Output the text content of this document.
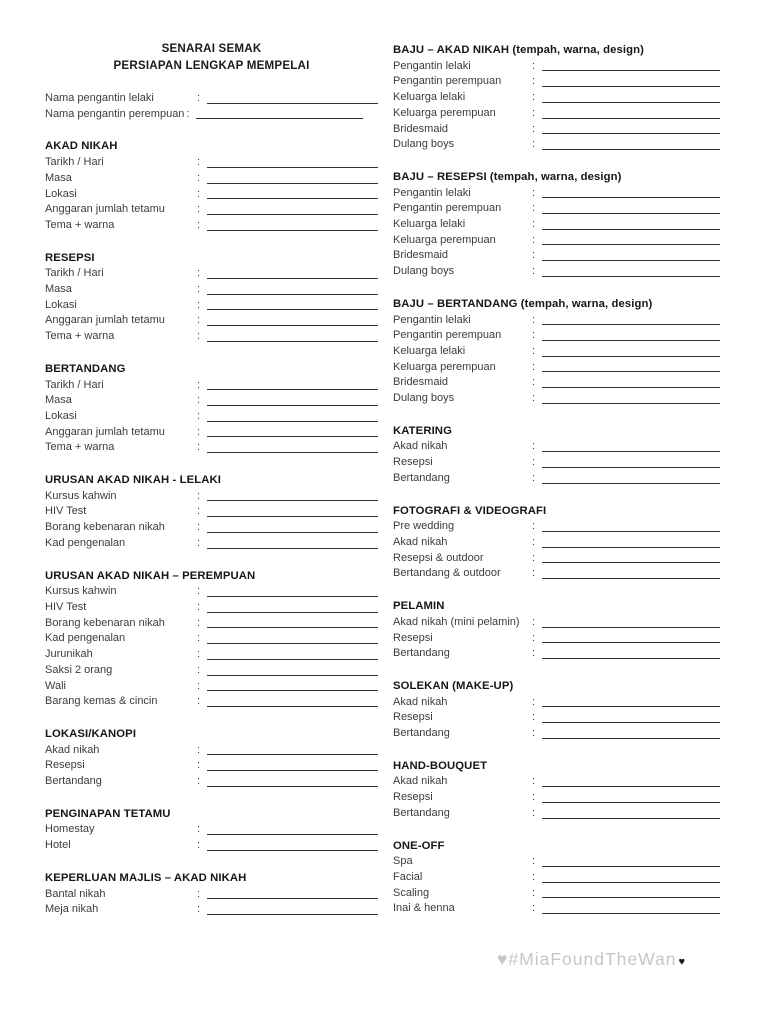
SENARAI SEMAK
PERSIAPAN LENGKAP MEMPELAI
Nama pengantin lelaki	:
Nama pengantin perempuan :
AKAD NIKAH
Tarikh / Hari	:
Masa	:
Lokasi	:
Anggaran jumlah tetamu	:
Tema + warna	:
RESEPSI
Tarikh / Hari	:
Masa	:
Lokasi	:
Anggaran jumlah tetamu	:
Tema + warna	:
BERTANDANG
Tarikh / Hari	:
Masa	:
Lokasi	:
Anggaran jumlah tetamu	:
Tema + warna	:
URUSAN AKAD NIKAH - LELAKI
Kursus kahwin	:
HIV Test	:
Borang kebenaran nikah	:
Kad pengenalan	:
URUSAN AKAD NIKAH – PEREMPUAN
Kursus kahwin	:
HIV Test	:
Borang kebenaran nikah	:
Kad pengenalan	:
Jurunikah	:
Saksi 2 orang	:
Wali	:
Barang kemas & cincin	:
LOKASI/KANOPI
Akad nikah	:
Resepsi	:
Bertandang	:
PENGINAPAN TETAMU
Homestay	:
Hotel	:
KEPERLUAN MAJLIS – AKAD NIKAH
Bantal nikah	:
Meja nikah	:
BAJU – AKAD NIKAH (tempah, warna, design)
Pengantin lelaki	:
Pengantin perempuan	:
Keluarga lelaki	:
Keluarga perempuan	:
Bridesmaid	:
Dulang boys	:
BAJU – RESEPSI (tempah, warna, design)
Pengantin lelaki	:
Pengantin perempuan	:
Keluarga lelaki	:
Keluarga perempuan	:
Bridesmaid	:
Dulang boys	:
BAJU – BERTANDANG (tempah, warna, design)
Pengantin lelaki	:
Pengantin perempuan	:
Keluarga lelaki	:
Keluarga perempuan	:
Bridesmaid	:
Dulang boys	:
KATERING
Akad nikah	:
Resepsi	:
Bertandang	:
FOTOGRAFI & VIDEOGRAFI
Pre wedding	:
Akad nikah	:
Resepsi & outdoor	:
Bertandang & outdoor	:
PELAMIN
Akad nikah (mini pelamin)	:
Resepsi	:
Bertandang	:
SOLEKAN (MAKE-UP)
Akad nikah	:
Resepsi	:
Bertandang	:
HAND-BOUQUET
Akad nikah	:
Resepsi	:
Bertandang	:
ONE-OFF
Spa	:
Facial	:
Scaling	:
Inai & henna	:
♥#MiaFoundTheWan ♥
